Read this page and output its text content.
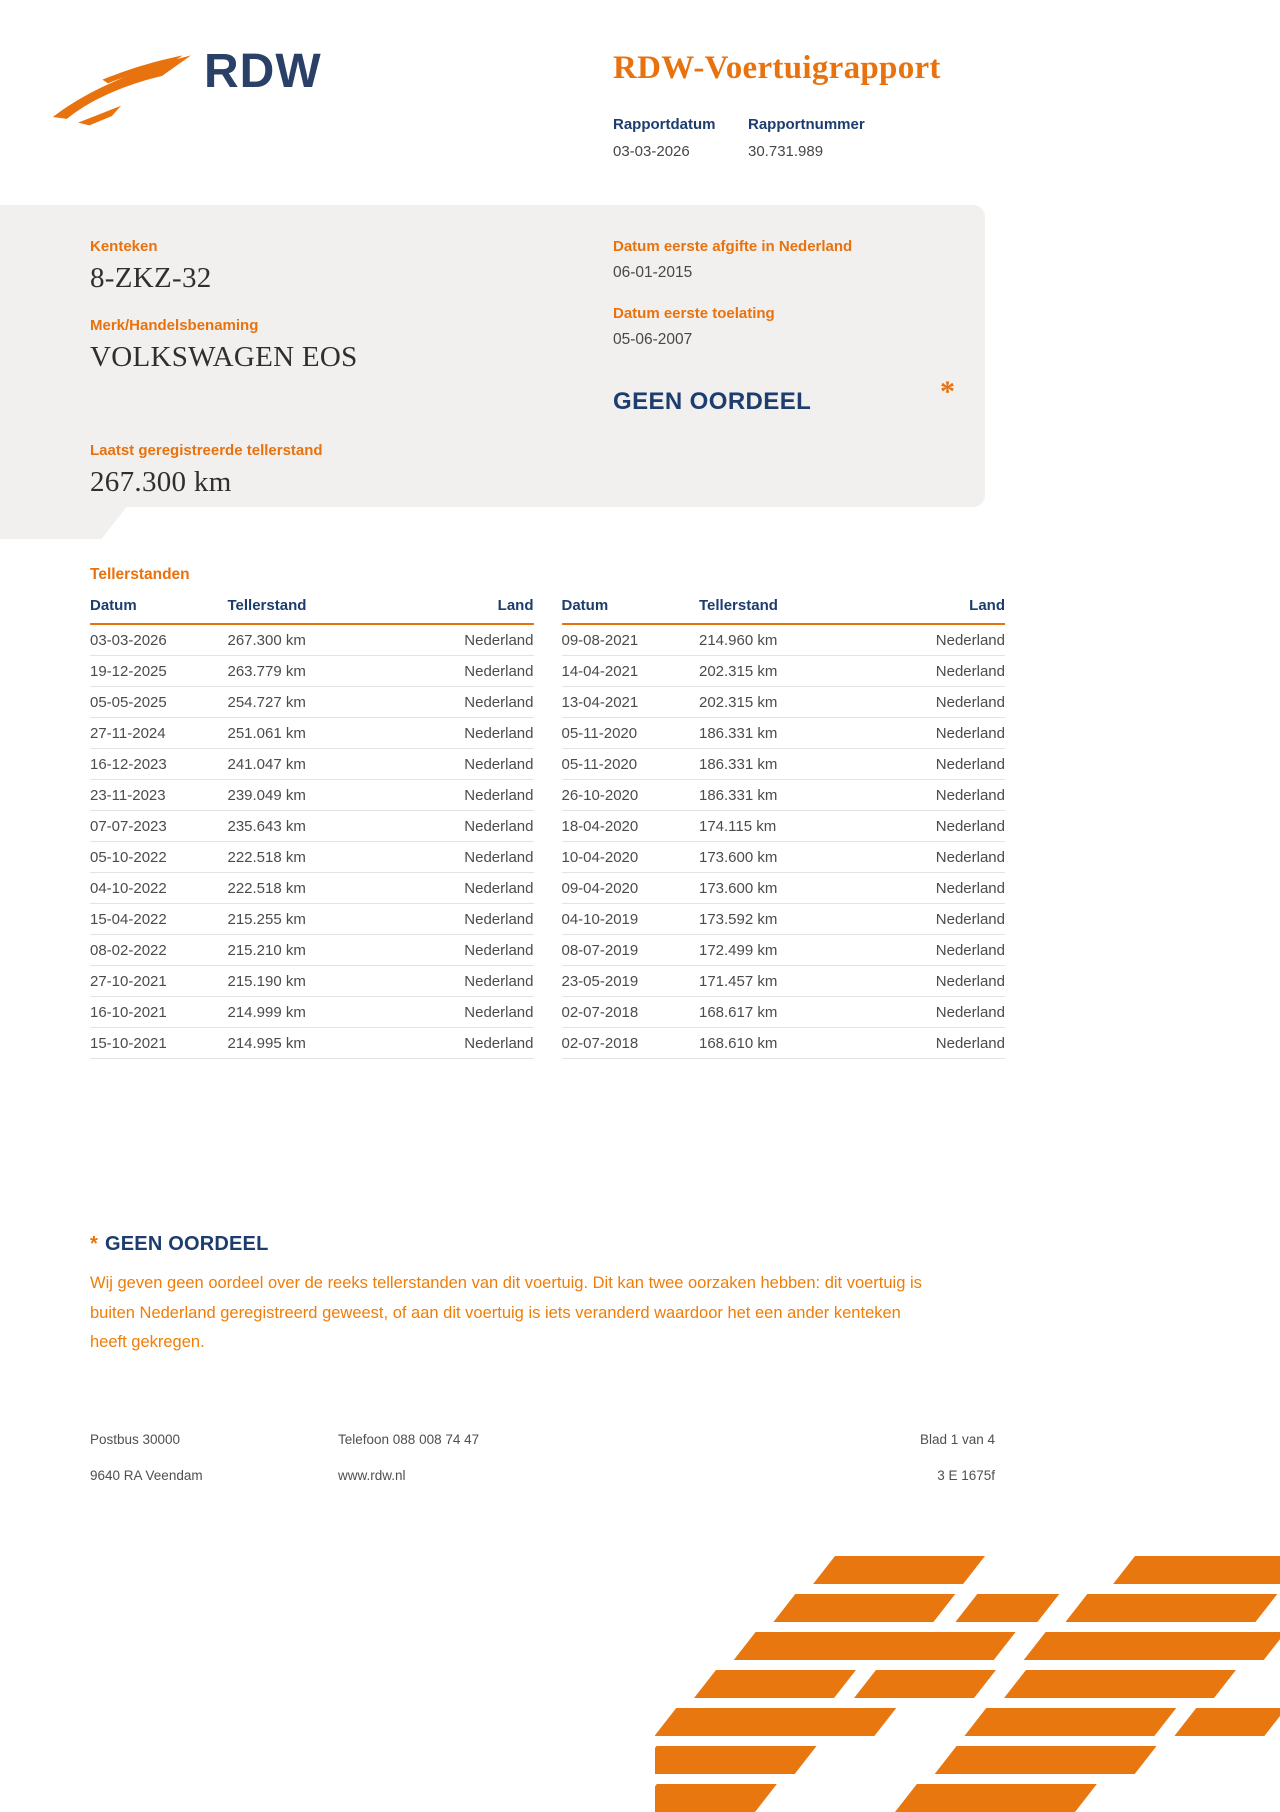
RDW	RDW-Voertuigrapport
Rapportdatum
03-03-2026
Rapportnummer
30.731.989
Kenteken
8-ZKZ-32
Merk/Handelsbenaming
VOLKSWAGEN EOS
Laatst geregistreerde tellerstand
267.300 km
Datum eerste afgifte in Nederland
06-01-2015
Datum eerste toelating
05-06-2007
GEEN OORDEEL	*
Tellerstanden
Datum	Tellerstand	Land
03-03-2026	267.300 km	Nederland
19-12-2025	263.779 km	Nederland
05-05-2025	254.727 km	Nederland
27-11-2024	251.061 km	Nederland
16-12-2023	241.047 km	Nederland
23-11-2023	239.049 km	Nederland
07-07-2023	235.643 km	Nederland
05-10-2022	222.518 km	Nederland
04-10-2022	222.518 km	Nederland
15-04-2022	215.255 km	Nederland
08-02-2022	215.210 km	Nederland
27-10-2021	215.190 km	Nederland
16-10-2021	214.999 km	Nederland
15-10-2021	214.995 km	Nederland
Datum	Tellerstand	Land
09-08-2021	214.960 km	Nederland
14-04-2021	202.315 km	Nederland
13-04-2021	202.315 km	Nederland
05-11-2020	186.331 km	Nederland
05-11-2020	186.331 km	Nederland
26-10-2020	186.331 km	Nederland
18-04-2020	174.115 km	Nederland
10-04-2020	173.600 km	Nederland
09-04-2020	173.600 km	Nederland
04-10-2019	173.592 km	Nederland
08-07-2019	172.499 km	Nederland
23-05-2019	171.457 km	Nederland
02-07-2018	168.617 km	Nederland
02-07-2018	168.610 km	Nederland
* GEEN OORDEEL

Wij geven geen oordeel over de reeks tellerstanden van dit voertuig. Dit kan twee oorzaken hebben: dit voertuig is buiten Nederland geregistreerd geweest, of aan dit voertuig is iets veranderd waardoor het een ander kenteken heeft gekregen.

Postbus 30000	Telefoon 088 008 74 47	Blad 1 van 4
9640 RA Veendam	www.rdw.nl	3 E 1675f
